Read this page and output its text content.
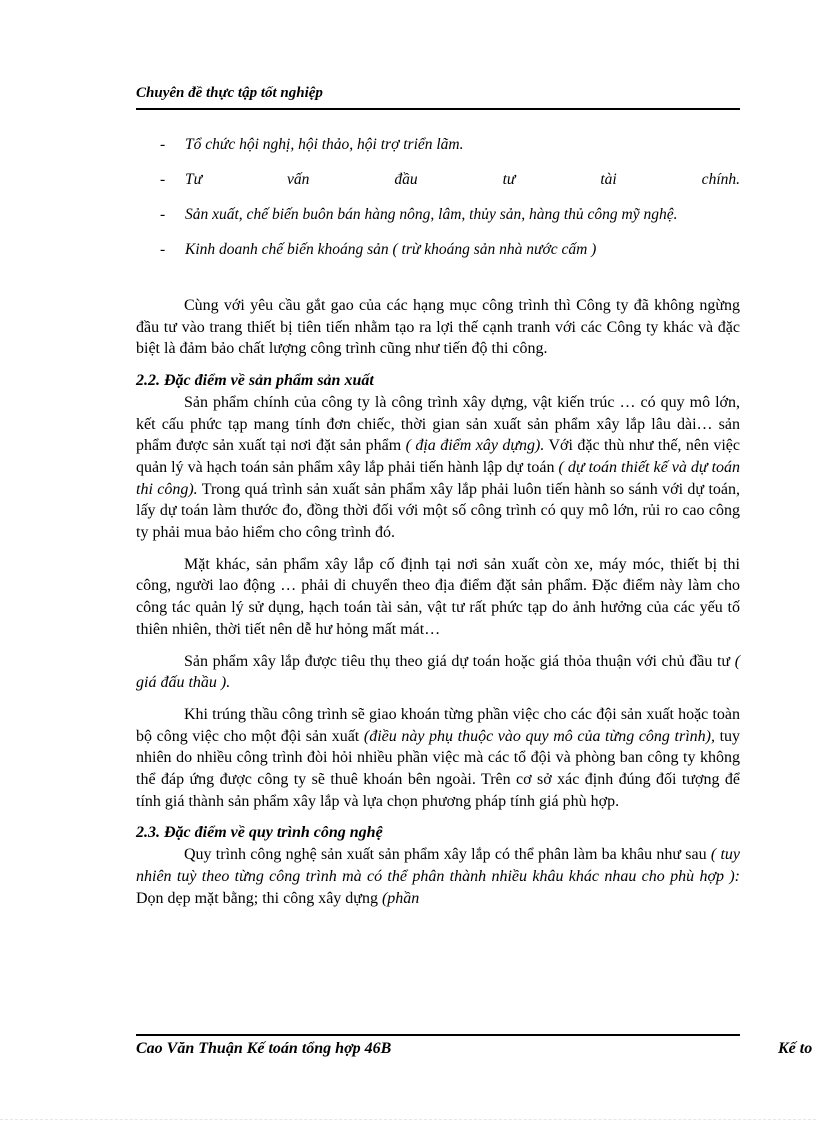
Chuyên đề thực tập tốt nghiệp
- Tổ chức hội nghị, hội thảo, hội trợ triển lãm.
- Tư vấn đầu tư tài chính.
- Sản xuất, chế biến buôn bán hàng nông, lâm, thủy sản, hàng thủ công mỹ nghệ.
- Kinh doanh chế biến khoáng sản ( trừ khoáng sản nhà nước cấm )

Cùng với yêu cầu gắt gao của các hạng mục công trình thì Công ty đã không ngừng đầu tư vào trang thiết bị tiên tiến nhằm tạo ra lợi thế cạnh tranh với các Công ty khác và đặc biệt là đảm bảo chất lượng công trình cũng như tiến độ thi công.

2.2. Đặc điểm về sản phẩm sản xuất

Sản phẩm chính của công ty là công trình xây dựng, vật kiến trúc … có quy mô lớn, kết cấu phức tạp mang tính đơn chiếc, thời gian sản xuất sản phẩm xây lắp lâu dài… sản phẩm được sản xuất tại nơi đặt sản phẩm ( địa điểm xây dựng). Với đặc thù như thế, nên việc quản lý và hạch toán sản phẩm xây lắp phải tiến hành lập dự toán ( dự toán thiết kế và dự toán thi công). Trong quá trình sản xuất sản phẩm xây lắp phải luôn tiến hành so sánh với dự toán, lấy dự toán làm thước đo, đồng thời đối với một số công trình có quy mô lớn, rủi ro cao công ty phải mua bảo hiểm cho công trình đó.

Mặt khác, sản phẩm xây lắp cố định tại nơi sản xuất còn xe, máy móc, thiết bị thi công, người lao động … phải di chuyển theo địa điểm đặt sản phẩm. Đặc điểm này làm cho công tác quản lý sử dụng, hạch toán tài sản, vật tư rất phức tạp do ảnh hưởng của các yếu tố thiên nhiên, thời tiết nên dễ hư hỏng mất mát…

Sản phẩm xây lắp được tiêu thụ theo giá dự toán hoặc giá thỏa thuận với chủ đầu tư ( giá đấu thầu ).

Khi trúng thầu công trình sẽ giao khoán từng phần việc cho các đội sản xuất hoặc toàn bộ công việc cho một đội sản xuất (điều này phụ thuộc vào quy mô của từng công trình), tuy nhiên do nhiều công trình đòi hỏi nhiều phần việc mà các tổ đội và phòng ban công ty không thể đáp ứng được công ty sẽ thuê khoán bên ngoài. Trên cơ sở xác định đúng đối tượng để tính giá thành sản phẩm xây lắp và lựa chọn phương pháp tính giá phù hợp.

2.3. Đặc điểm về quy trình công nghệ

Quy trình công nghệ sản xuất sản phẩm xây lắp có thể phân làm ba khâu như sau ( tuy nhiên tuỳ theo từng công trình mà có thể phân thành nhiều khâu khác nhau cho phù hợp ): Dọn dẹp mặt bằng; thi công xây dựng (phần

Cao Văn Thuận Kế toán tổng hợp 46B	Kế to
